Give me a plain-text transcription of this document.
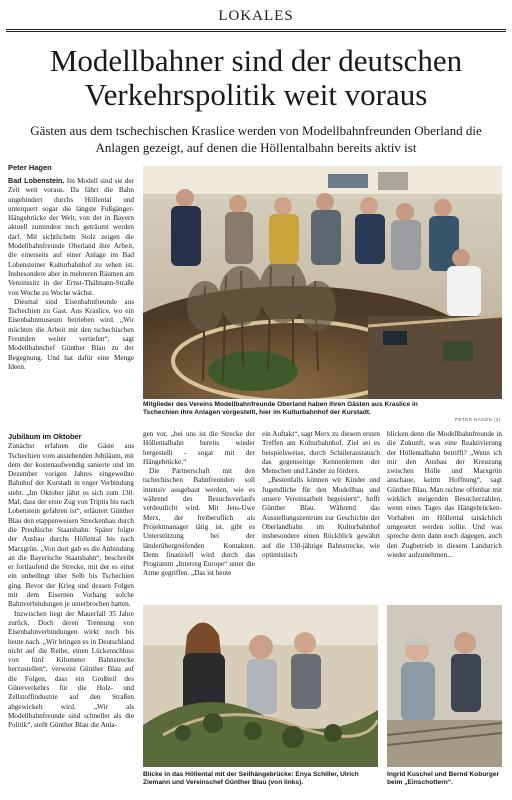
LOKALES
Modellbahner sind der deutschen
Verkehrspolitik weit voraus
Gästen aus dem tschechischen Kraslice werden von Modellbahnfreunden Oberland die Anlagen gezeigt, auf denen die Höllentalbahn bereits aktiv ist
Peter Hagen

Bad Lobenstein. Im Modell sind sie der Zeit weit voraus. Da fährt die Bahn ungehindert durchs Höllental und unterquert sogar die längste Fußgänger-Hängebrücke der Welt, von der in Bayern aktuell zumindest noch geträumt werden darf. Mit sichtlichem Stolz zeigen die Modellbahnfreunde Oberland ihre Arbeit, die einerseits auf einer Anlage im Bad Lobensteiner Kulturbahnhof zu sehen ist. Insbesondere aber in mehreren Räumen am Vereinssitz in der Ernst-Thälmann-Straße von Woche zu Woche wächst.

Diesmal sind Eisenbahnfreunde aus Tschechien zu Gast. Aus Kraslice, wo ein Eisenbahnmuseum betrieben wird. „Wir möchten die Arbeit mit den tschechischen Freunden weiter vertiefen“, sagt Modellbahnchef Günther Blau zu der Begegnung. Und hat dafür eine Menge Ideen.

PETER HAGEN (3)
Mitglieder des Vereins Modellbahnfreunde Oberland haben ihren Gästen aus Kraslice in Tschechien ihre Anlagen vorgestellt, hier im Kulturbahnhof der Kurstadt.
Jubiläum im Oktober

Zunächst erfahren die Gäste aus Tschechien vom anstehenden Jubiläum, mit dem der kostenaufwendig sanierte und im Dezember vorigen Jahres eingeweihte Bahnhof der Kurstadt in enger Verbindung steht. „Im Oktober jährt es sich zum 130. Mal, dass der erste Zug von Triptis bis nach Lobenstein gefahren ist“, erläutert Günther Blau den etappenweisen Streckenbau durch die Preußische Staatsbahn. Später folgte der Ausbau durchs Höllental bis nach Marxgrün. „Von dort gab es die Anbindung an die Bayerische Staatsbahn“, beschreibt er fortlaufend die Strecke, mit der es einst ein unbedingt über Selb bis Tschechien ging. Bevor der Krieg und dessen Folgen mit dem Eisernen Vorhang solche Bahnverbindungen je unterbrochen hatten.

Inzwischen liegt der Mauerfall 35 Jahre zurück. Doch deren Trennung von Eisenbahnverbindungen wirkt noch bis heute nach. „Wir bringen es in Deutschland nicht auf die Reihe, einen Lückenschluss von fünf Kilometer Bahnstrecke herzustellen“, verweist Günther Blau auf die Folgen, dass ein Großteil des Güterverkehrs für die Holz- und Zellstoffindustrie auf den Straßen abgewickelt wird. „Wir als Modellbahnfreunde sind schneller als die Politik“, stellt Günther Blau die Anla-

gen vor, „bei uns ist die Strecke der Höllentalbahn bereits wieder hergestellt - sogar mit der Hängebrücke.“

Die Partnerschaft mit den tschechischen Bahnfreunden soll intensiv ausgebaut werden, wie es während des Besuchsverlaufs verdeutlicht wird. Mit Jens-Uwe Merx, der freiberuflich als Projektmanager tätig ist, gibt es Unterstützung bei der länderübergreifenden Kontakten. Denn finanziell wird durch das Programm „Interreg Europe“ unter die Arme gegriffen. „Das ist heute

ein Auftakt“, sagt Merx zu diesem ersten Treffen am Kulturbahnhof. Ziel sei es beispielsweise, durch Schüleraustausch das gegenseitige Kennenlernen der Menschen und Länder zu fördern.

„Bestenfalls können wir Kinder und Jugendliche für den Modellbau und unsere Vereinsarbeit begeistern“, hofft Günther Blau. Während das Ausstellungszentrum zur Geschichte der Oberlandbahn im Kulturbahnhof insbesondere einen Rückblick gewährt auf die 130-jährige Bahnstrecke, wie optimistisch

blicken denn die Modellbahnfreunde in die Zukunft, was eine Reaktivierung der Höllentalbahn betrifft? „Wenn ich mir den Ausbau der Kreuzung zwischen Hölle und Marxgrün anschaue, keimt Hoffnung“, sagt Günther Blau. Man rechne offenbar mit wirklich steigenden Besucherzahlen, wenn eines Tages das Hängebrücken-Vorhaben im Höllental tatsächlich umgesetzt werden sollte. Und was spreche denn dann noch dagegen, auch den Zugbetrieb in diesem Landstrich wieder aufzunehmen...

Blicke in das Höllental mit der Seilhängebrücke: Enya Schiller, Ulrich Ziemann und Vereinschef Günther Blau (von links).
Ingrid Kuschel und Bernd Koburger beim „Einschottern“.
